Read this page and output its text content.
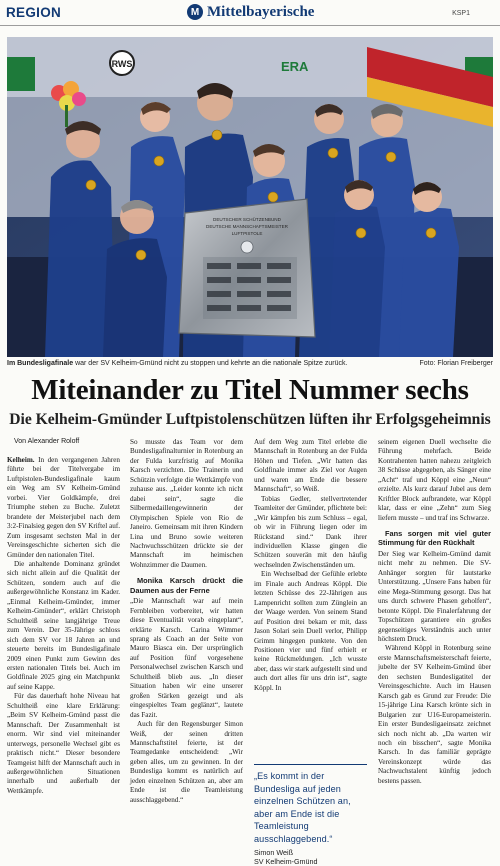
REGION	M Mittelbayerische	KSP1
RWS	ERA
DEUTSCHER SCHÜTZENBUND
DEUTSCHE MANNSCHAFTSMEISTER
LUFTPISTOLE
Im Bundesligafinale war der SV Kelheim-Gmünd nicht zu stoppen und kehrte an die nationale Spitze zurück.	Foto: Florian Freiberger
Miteinander zu Titel Nummer sechs
Die Kelheim-Gmünder Luftpistolenschützen lüften ihr Erfolgsgeheimnis

Von Alexander Roloff

Kelheim. In den vergangenen Jahren führte bei der Titelvergabe im Luftpistolen-Bundesligafinale kaum ein Weg am SV Kelheim-Gmünd vorbei. Vier Goldkämpfe, drei Triumphe stehen zu Buche. Zuletzt brandete der Meisterjubel nach dem 3:2-Finalsieg gegen den SV Kriftel auf. Zum insgesamt sechsten Mal in der Vereinsgeschichte sicherten sich die Gmünder den nationalen Titel.

Die anhaltende Dominanz gründet sich nicht allein auf die Qualität der Schützen, sondern auch auf die außergewöhnliche Konstanz im Kader. „Einmal Kelheim-Gmünder, immer Kelheim-Gmünder“, erklärt Christoph Schultheiß seine langjährige Treue zum Verein. Der 35-Jährige schloss sich dem SV vor 18 Jahren an und steuerte bereits im Bundesligafinale 2009 einen Punkt zum Gewinn des ersten nationalen Titels bei. Auch im Goldfinale 2025 ging ein Matchpunkt auf seine Kappe.

Für das dauerhaft hohe Niveau hat Schultheiß eine klare Erklärung: „Beim SV Kelheim-Gmünd passt die Mannschaft. Der Zusammenhalt ist enorm. Wir sind viel miteinander unterwegs, personelle Wechsel gibt es praktisch nicht.“ Dieser besondere Teamgeist hilft der Mannschaft auch in außergewöhnlichen Situationen innerhalb und außerhalb der Wettkämpfe.

So musste das Team vor dem Bundesligafinalturnier in Rotenburg an der Fulda kurzfristig auf Monika Karsch verzichten. Die Trainerin und Schützin verfolgte die Wettkämpfe von zuhause aus. „Leider konnte ich nicht dabei sein“, sagte die Silbermedaillengewinnerin der Olympischen Spiele von Rio de Janeiro. Gemeinsam mit ihren Kindern Lina und Bruno sowie weiteren Nachwuchsschützen drückte sie der Mannschaft im heimischen Wohnzimmer die Daumen.

Monika Karsch drückt die Daumen aus der Ferne

„Die Mannschaft war auf mein Fernbleiben vorbereitet, wir hatten diese Eventualität vorab eingeplant“, erklärte Karsch. Carina Wimmer sprang als Coach an der Seite von Mauro Biasca ein. Der ursprünglich auf Position fünf vorgesehene Personalwechsel zwischen Karsch und Schultheiß blieb aus. „In dieser Situation haben wir eine unserer großen Stärken gezeigt und als eingespieltes Team geglänzt“, lautete das Fazit.

Auch für den Regensburger Simon Weiß, der seinen dritten Mannschaftstitel feierte, ist der Teamgedanke entscheidend: „Wir geben alles, um zu gewinnen. In der Bundesliga kommt es natürlich auf jeden einzelnen Schützen an, aber am Ende ist die Teamleistung ausschlaggebend.“

Auf dem Weg zum Titel erlebte die Mannschaft in Rotenburg an der Fulda Höhen und Tiefen. „Wir hatten das Goldfinale immer als Ziel vor Augen und waren am Ende die bessere Mannschaft“, so Weiß.

Tobias Gedler, stellvertretender Teamleiter der Gmünder, pflichtete bei: „Wir kämpfen bis zum Schluss – egal, ob wir in Führung liegen oder im Rückstand sind.“ Dank ihrer individuellen Klasse gingen die Schützen souverän mit den häufig wechselnden Zwischenständen um.

Ein Wechselbad der Gefühle erlebte im Finale auch Andreas Köppl. Die letzten Schüsse des 22-Jährigen aus Lampenricht sollten zum Zünglein an der Waage werden. Von seinem Stand auf Position drei bekam er mit, dass Jason Solari sein Duell verlor, Philipp Grimm hingegen punktete. Von den Positionen vier und fünf erhielt er keine Rückmeldungen. „Ich wusste aber, dass wir stark aufgestellt sind und auch dort alles für uns drin ist“, sagte Köppl. In

„Es kommt in der Bundesliga auf jeden einzelnen Schützen an, aber am Ende ist die Teamleistung ausschlaggebend.“
Simon Weiß
SV Kelheim-Gmünd

seinem eigenen Duell wechselte die Führung mehrfach. Beide Kontrahenten hatten nahezu zeitgleich 38 Schüsse abgegeben, als Sänger eine „Acht“ traf und Köppl eine „Neun“ erzielte. Als kurz darauf Jubel aus dem Kriftler Block aufbrandete, war Köppl klar, dass er eine „Zehn“ zum Sieg liefern musste – und traf ins Schwarze.

Fans sorgen mit viel guter Stimmung für den Rückhalt

Der Sieg war Kelheim-Gmünd damit nicht mehr zu nehmen. Die SV-Anhänger sorgten für lautstarke Unterstützung. „Unsere Fans haben für eine Mega-Stimmung gesorgt. Das hat uns durch schwere Phasen geholfen“, betonte Köppl. Die Finalerfahrung der Topschützen garantiere ein großes gegenseitiges Verständnis auch unter höchstem Druck.

Während Köppl in Rotenburg seine erste Mannschaftsmeisterschaft feierte, jubelte der SV Kelheim-Gmünd über den sechsten Bundesligatitel der Vereinsgeschichte. Auch im Hausen Karsch gab es Grund zur Freude: Die 15-jährige Lina Karsch krönte sich in Bulgarien zur U16-Europameisterin. Ein erster Bundesligaeinsatz zeichnet sich noch nicht ab. „Da warten wir noch ein bisschen“, sagte Monika Karsch. In das familiär geprägte Vereinskonzept würde das Nachwuchstalent künftig jedoch bestens passen.
